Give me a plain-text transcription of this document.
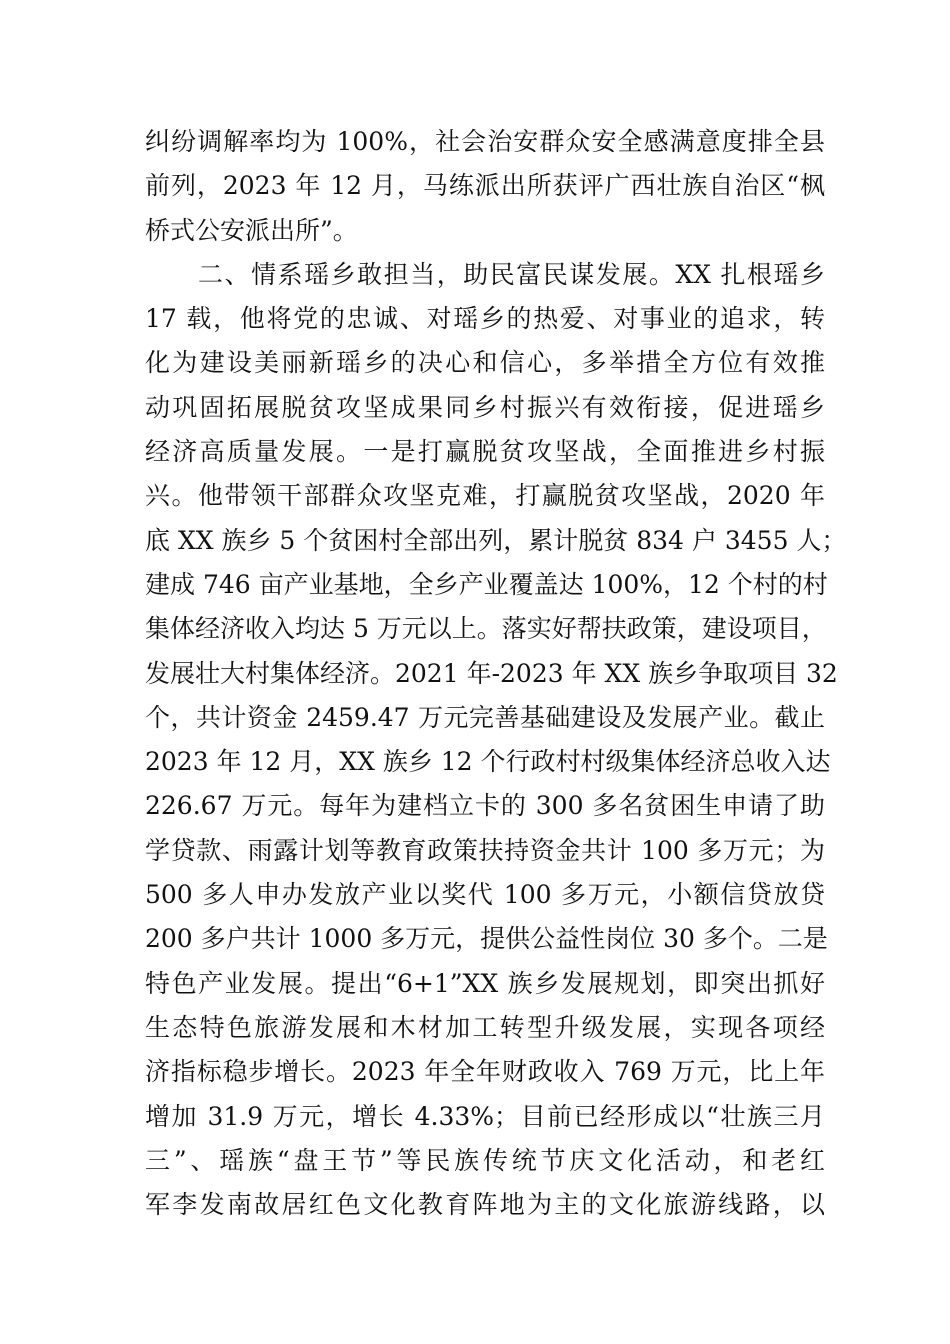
纠纷调解率均为 100%，社会治安群众安全感满意度排全县
前列，2023 年 12 月，马练派出所获评广西壮族自治区“枫
桥式公安派出所”。
　　二、情系瑶乡敢担当，助民富民谋发展。XX 扎根瑶乡
17 载，他将党的忠诚、对瑶乡的热爱、对事业的追求，转
化为建设美丽新瑶乡的决心和信心，多举措全方位有效推
动巩固拓展脱贫攻坚成果同乡村振兴有效衔接，促进瑶乡
经济高质量发展。一是打赢脱贫攻坚战，全面推进乡村振
兴。他带领干部群众攻坚克难，打赢脱贫攻坚战，2020 年
底 XX 族乡 5 个贫困村全部出列，累计脱贫 834 户 3455 人；
建成 746 亩产业基地，全乡产业覆盖达 100%，12 个村的村
集体经济收入均达 5 万元以上。落实好帮扶政策，建设项目，
发展壮大村集体经济。2021 年-2023 年 XX 族乡争取项目 32
个，共计资金 2459.47 万元完善基础建设及发展产业。截止
2023 年 12 月，XX 族乡 12 个行政村村级集体经济总收入达
226.67 万元。每年为建档立卡的 300 多名贫困生申请了助
学贷款、雨露计划等教育政策扶持资金共计 100 多万元；为
500 多人申办发放产业以奖代 100 多万元，小额信贷放贷
200 多户共计 1000 多万元，提供公益性岗位 30 多个。二是
特色产业发展。提出“6+1”XX 族乡发展规划，即突出抓好
生态特色旅游发展和木材加工转型升级发展，实现各项经
济指标稳步增长。2023 年全年财政收入 769 万元，比上年
增加 31.9 万元，增长 4.33%；目前已经形成以“壮族三月
三”、瑶族“盘王节”等民族传统节庆文化活动，和老红
军李发南故居红色文化教育阵地为主的文化旅游线路，以
